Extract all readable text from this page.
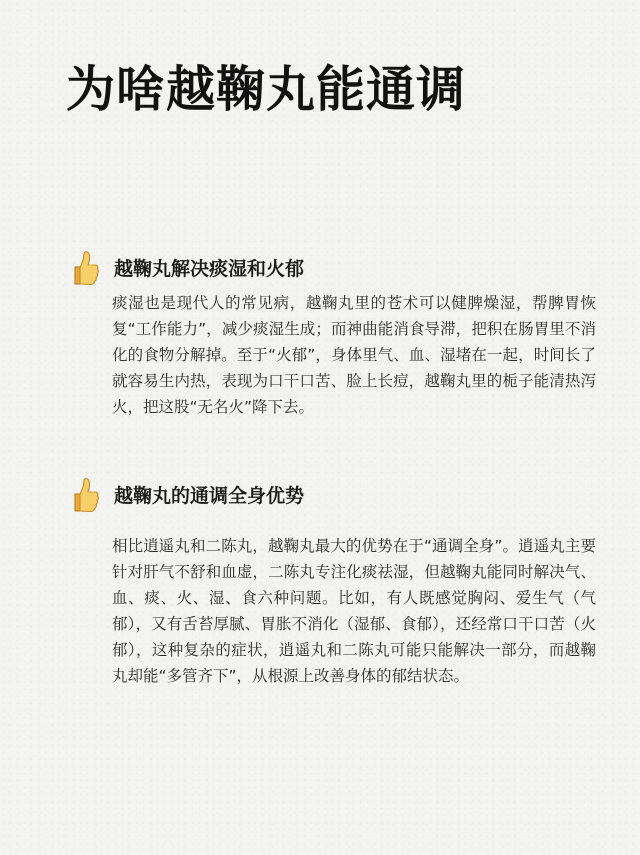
为啥越鞠丸能通调
越鞠丸解决痰湿和火郁

痰湿也是现代人的常见病，越鞠丸里的苍术可以健脾燥湿，帮脾胃恢复“工作能力”，减少痰湿生成；而神曲能消食导滞，把积在肠胃里不消化的食物分解掉。至于“火郁”，身体里气、血、湿堵在一起，时间长了就容易生内热，表现为口干口苦、脸上长痘，越鞠丸里的栀子能清热泻火，把这股“无名火”降下去。

越鞠丸的通调全身优势

相比逍遥丸和二陈丸，越鞠丸最大的优势在于“通调全身”。逍遥丸主要针对肝气不舒和血虚，二陈丸专注化痰祛湿，但越鞠丸能同时解决气、血、痰、火、湿、食六种问题。比如，有人既感觉胸闷、爱生气（气郁），又有舌苔厚腻、胃胀不消化（湿郁、食郁），还经常口干口苦（火郁），这种复杂的症状，逍遥丸和二陈丸可能只能解决一部分，而越鞠丸却能“多管齐下”，从根源上改善身体的郁结状态。
